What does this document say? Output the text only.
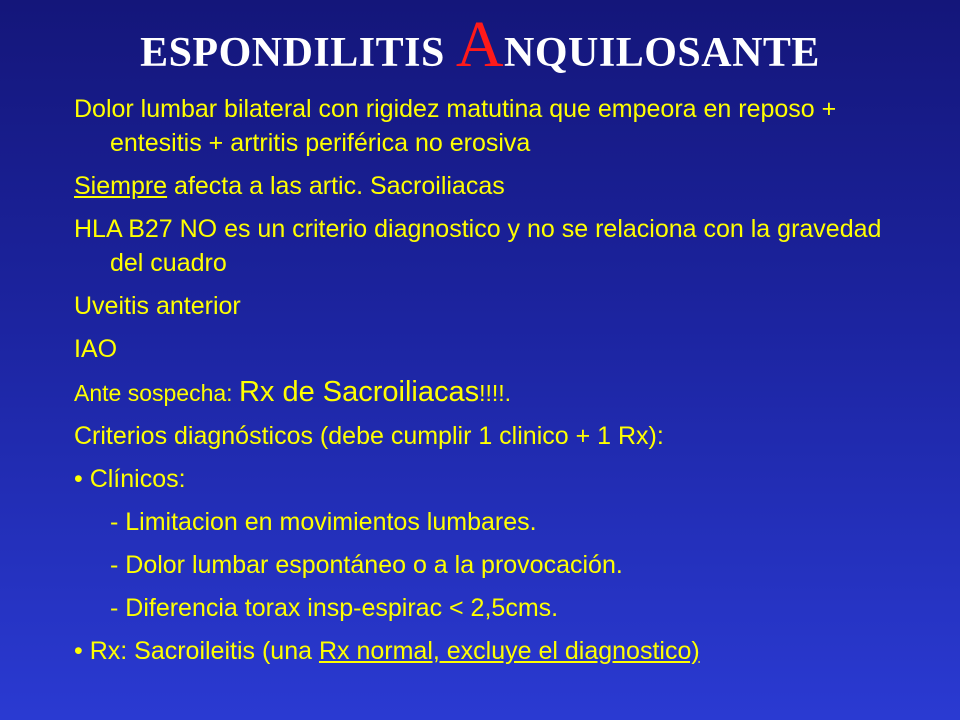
ESPONDILITIS ANQUILOSANTE
Dolor lumbar bilateral con rigidez matutina que empeora en reposo + entesitis + artritis periférica no erosiva
Siempre afecta a las artic. Sacroiliacas
HLA B27 NO es un criterio diagnostico y no se relaciona con la gravedad del cuadro
Uveitis anterior
IAO
Ante sospecha: Rx de Sacroiliacas!!!!.
Criterios diagnósticos (debe cumplir 1 clinico + 1 Rx):
• Clínicos:
- Limitacion en movimientos lumbares.
- Dolor lumbar espontáneo o a la provocación.
- Diferencia torax insp-espirac < 2,5cms.
• Rx: Sacroileitis (una Rx normal, excluye el diagnostico)
